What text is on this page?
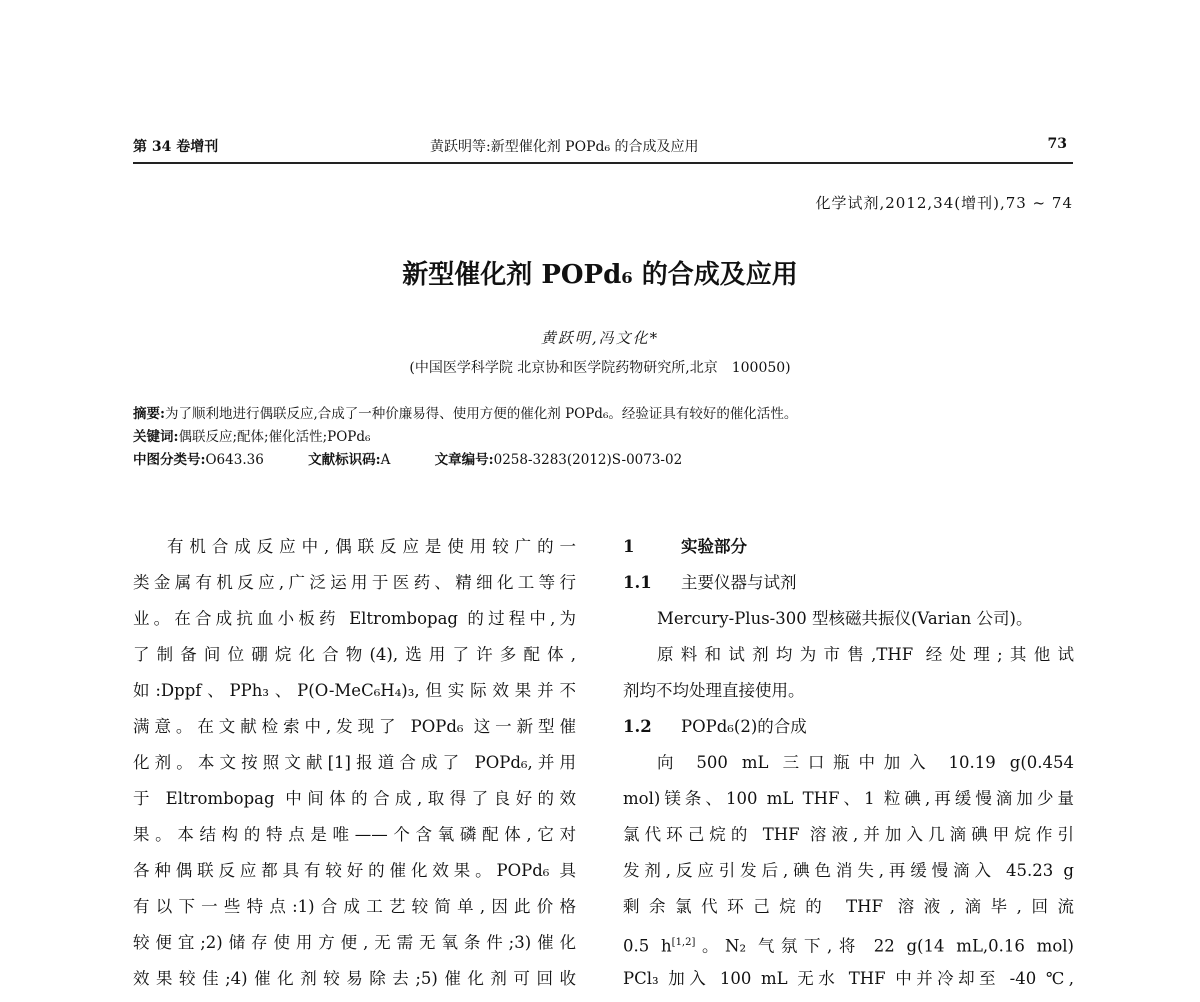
第 34 卷增刊	黄跃明等:新型催化剂 POPd₆ 的合成及应用	73
化学试剂,2012,34(增刊),73 ~ 74
新型催化剂 POPd₆ 的合成及应用
黄跃明,冯文化*
(中国医学科学院 北京协和医学院药物研究所,北京　100050)
摘要:为了顺利地进行偶联反应,合成了一种价廉易得、使用方便的催化剂 POPd₆。经验证具有较好的催化活性。
关键词:偶联反应;配体;催化活性;POPd₆
中图分类号:O643.36	文献标识码:A	文章编号:0258-3283(2012)S-0073-02
有机合成反应中,偶联反应是使用较广的一
类金属有机反应,广泛运用于医药、精细化工等行
业。在合成抗血小板药 Eltrombopag 的过程中,为
了制备间位硼烷化合物(4),选用了许多配体,
如:Dppf、PPh₃、P(O-MeC₆H₄)₃,但实际效果并不
满意。在文献检索中,发现了 POPd₆ 这一新型催
化剂。本文按照文献[1]报道合成了 POPd₆,并用
于 Eltrombopag 中间体的合成,取得了良好的效
果。本结构的特点是唯——个含氧磷配体,它对
各种偶联反应都具有较好的催化效果。POPd₆ 具
有以下一些特点:1)合成工艺较简单,因此价格
较便宜;2)储存使用方便,无需无氧条件;3)催化
效果较佳;4)催化剂较易除去;5)催化剂可回收
1	实验部分
1.1 主要仪器与试剂
Mercury-Plus-300 型核磁共振仪(Varian 公司)。
原料和试剂均为市售,THF 经处理;其他试
剂均不均处理直接使用。
1.2 POPd₆(2)的合成
向 500 mL 三口瓶中加入 10.19 g(0.454
mol)镁条、100 mL THF、1 粒碘,再缓慢滴加少量
氯代环己烷的 THF 溶液,并加入几滴碘甲烷作引
发剂,反应引发后,碘色消失,再缓慢滴入 45.23 g
剩余氯代环己烷的 THF 溶液,滴毕,回流
0.5 h[1,2]。N₂ 气氛下,将 22 g(14 mL,0.16 mol)
PCl₃ 加入 100 mL 无水 THF 中并冷却至 -40 ℃,
